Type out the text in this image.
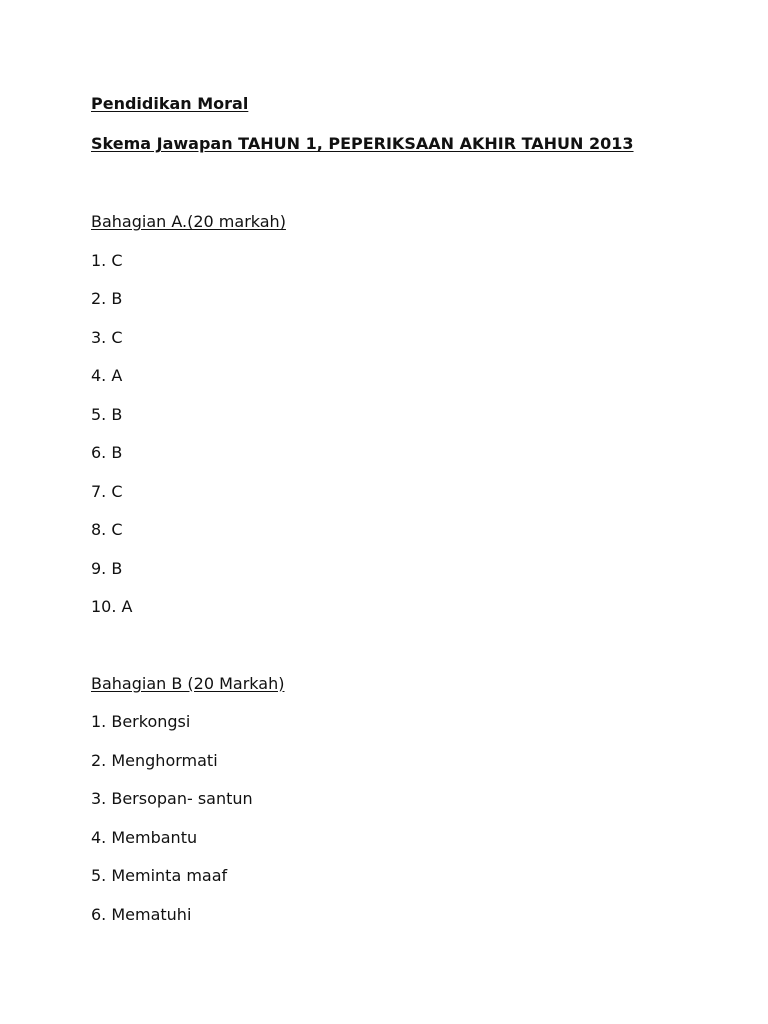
Pendidikan Moral
Skema Jawapan TAHUN 1, PEPERIKSAAN AKHIR TAHUN 2013
Bahagian A.(20 markah)
1. C
2. B
3. C
4. A
5. B
6. B
7. C
8. C
9. B
10. A
Bahagian B (20 Markah)
1. Berkongsi
2. Menghormati
3. Bersopan- santun
4. Membantu
5. Meminta maaf
6. Mematuhi
